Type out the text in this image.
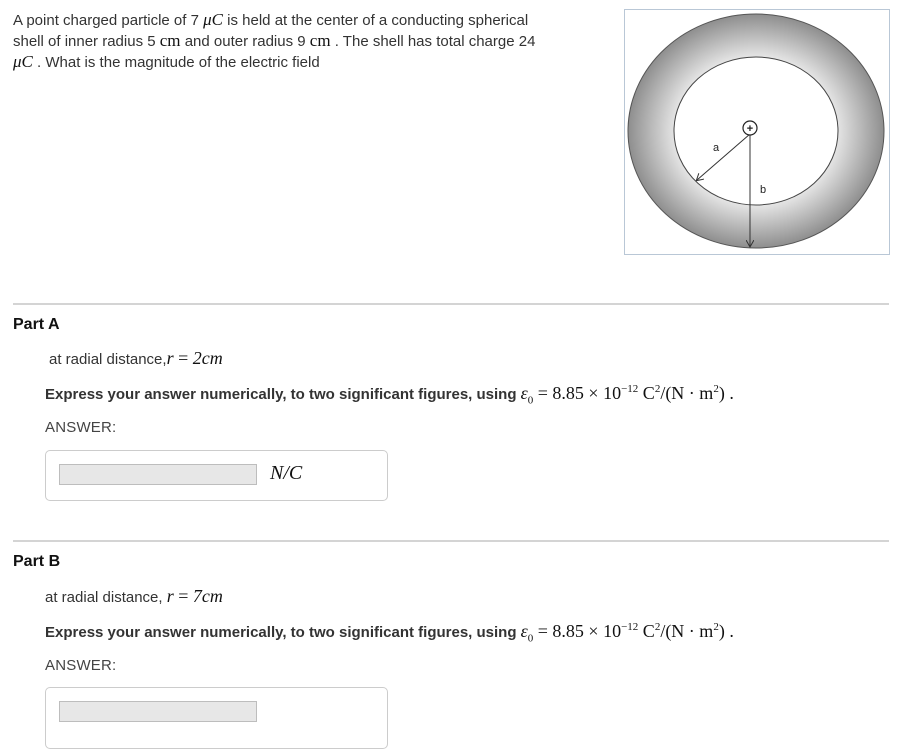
A point charged particle of 7 μC is held at the center of a conducting spherical
shell of inner radius 5 cm and outer radius 9 cm . The shell has total charge 24
μC . What is the magnitude of the electric field
+
a
b
Part A
at radial distance,r = 2cm
Express your answer numerically, to two significant figures, using $\varepsilon_0 = 8.85 \times 10^{-12}$ $C^2/(N \cdot m^2)$ .
ANSWER:
N/C
Part B
at radial distance, r = 7cm
Express your answer numerically, to two significant figures, using $\varepsilon_0 = 8.85 \times 10^{-12}$ $C^2/(N \cdot m^2)$ .
ANSWER:
